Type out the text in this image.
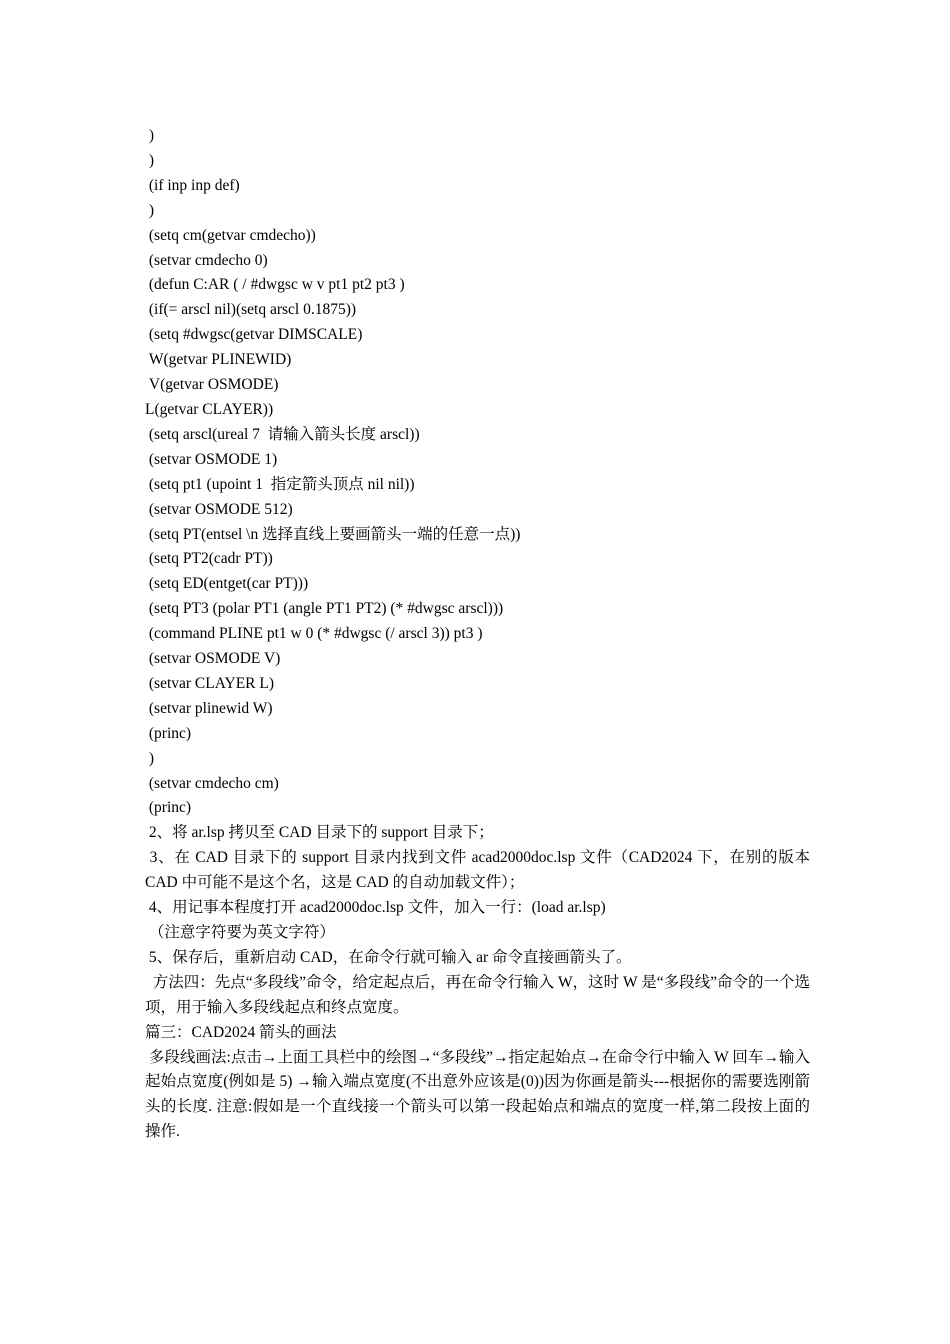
)
)
(if inp inp def)
)
(setq cm(getvar cmdecho))
(setvar cmdecho 0)
(defun C:AR ( / #dwgsc w v pt1 pt2 pt3 )
(if(= arscl nil)(setq arscl 0.1875))
(setq #dwgsc(getvar DIMSCALE)
W(getvar PLINEWID)
V(getvar OSMODE)
L(getvar CLAYER))
(setq arscl(ureal 7  请输入箭头长度 arscl))
(setvar OSMODE 1)
(setq pt1 (upoint 1  指定箭头顶点 nil nil))
(setvar OSMODE 512)
(setq PT(entsel \n 选择直线上要画箭头一端的任意一点))
(setq PT2(cadr PT))
(setq ED(entget(car PT)))
(setq PT3 (polar PT1 (angle PT1 PT2) (* #dwgsc arscl)))
(command PLINE pt1 w 0 (* #dwgsc (/ arscl 3)) pt3 )
(setvar OSMODE V)
(setvar CLAYER L)
(setvar plinewid W)
(princ)
)
(setvar cmdecho cm)
(princ)
2、将 ar.lsp 拷贝至 CAD 目录下的 support 目录下；
3、在 CAD 目录下的 support 目录内找到文件 acad2000doc.lsp 文件（CAD2024 下，在别的版本 CAD 中可能不是这个名，这是 CAD 的自动加载文件）；
4、用记事本程度打开 acad2000doc.lsp 文件，加入一行：(load ar.lsp)
（注意字符要为英文字符）
5、保存后，重新启动 CAD，在命令行就可输入 ar 命令直接画箭头了。
方法四：先点“多段线”命令，给定起点后，再在命令行输入 W，这时 W 是“多段线”命令的一个选项，用于输入多段线起点和终点宽度。
篇三：CAD2024 箭头的画法
多段线画法:点击→上面工具栏中的绘图→“多段线”→指定起始点→在命令行中输入 W 回车→输入起始点宽度(例如是 5) →输入端点宽度(不出意外应该是(0))因为你画是箭头---根据你的需要选刚箭头的长度. 注意:假如是一个直线接一个箭头可以第一段起始点和端点的宽度一样,第二段按上面的操作.
